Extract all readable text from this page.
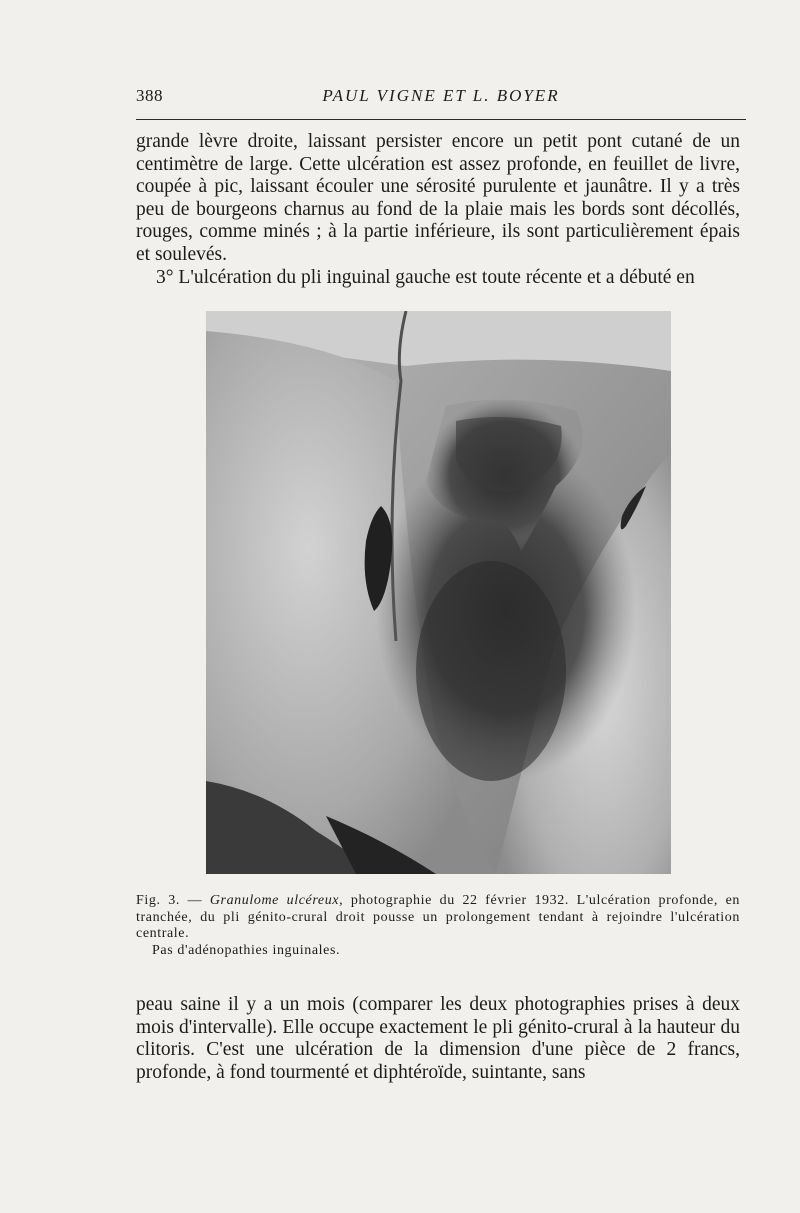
388	PAUL VIGNE ET L. BOYER
grande lèvre droite, laissant persister encore un petit pont cutané de un centimètre de large. Cette ulcération est assez profonde, en feuillet de livre, coupée à pic, laissant écouler une sérosité purulente et jaunâtre. Il y a très peu de bourgeons charnus au fond de la plaie mais les bords sont décollés, rouges, comme minés ; à la partie inférieure, ils sont particulièrement épais et soulevés.
3° L'ulcération du pli inguinal gauche est toute récente et a débuté en
Fig. 3. — Granulome ulcéreux, photographie du 22 février 1932. L'ulcération profonde, en tranchée, du pli génito-crural droit pousse un prolongement tendant à rejoindre l'ulcération centrale.
Pas d'adénopathies inguinales.
peau saine il y a un mois (comparer les deux photographies prises à deux mois d'intervalle). Elle occupe exactement le pli génito-crural à la hauteur du clitoris. C'est une ulcération de la dimension d'une pièce de 2 francs, profonde, à fond tourmenté et diphtéroïde, suintante, sans
